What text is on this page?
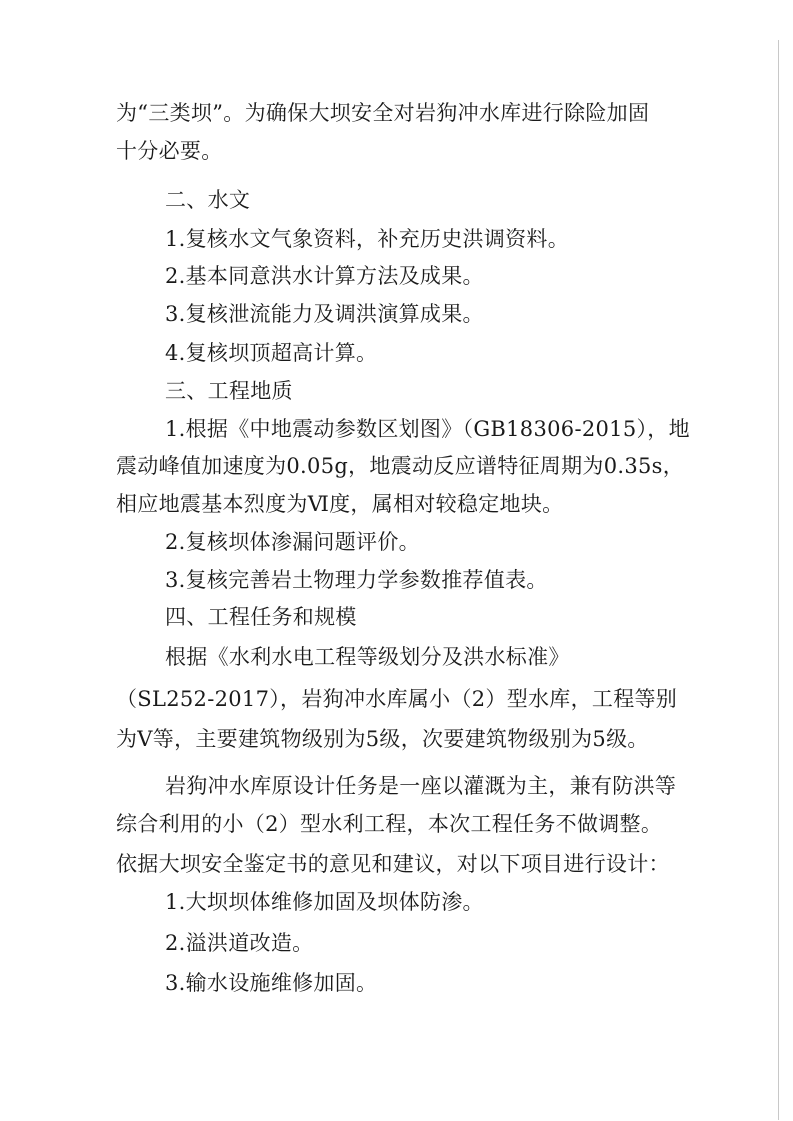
为“三类坝”。为确保大坝安全对岩狗冲水库进行除险加固
十分必要。
二、水文
1.复核水文气象资料，补充历史洪调资料。
2.基本同意洪水计算方法及成果。
3.复核泄流能力及调洪演算成果。
4.复核坝顶超高计算。
三、工程地质
1.根据《中地震动参数区划图》（GB18306-2015），地
震动峰值加速度为0.05g，地震动反应谱特征周期为0.35s，
相应地震基本烈度为Ⅵ度，属相对较稳定地块。
2.复核坝体渗漏问题评价。
3.复核完善岩土物理力学参数推荐值表。
四、工程任务和规模
根据《水利水电工程等级划分及洪水标准》
（SL252-2017），岩狗冲水库属小（2）型水库，工程等别
为Ⅴ等，主要建筑物级别为5级，次要建筑物级别为5级。
岩狗冲水库原设计任务是一座以灌溉为主，兼有防洪等
综合利用的小（2）型水利工程，本次工程任务不做调整。
依据大坝安全鉴定书的意见和建议，对以下项目进行设计：
1.大坝坝体维修加固及坝体防渗。
2.溢洪道改造。
3.输水设施维修加固。
